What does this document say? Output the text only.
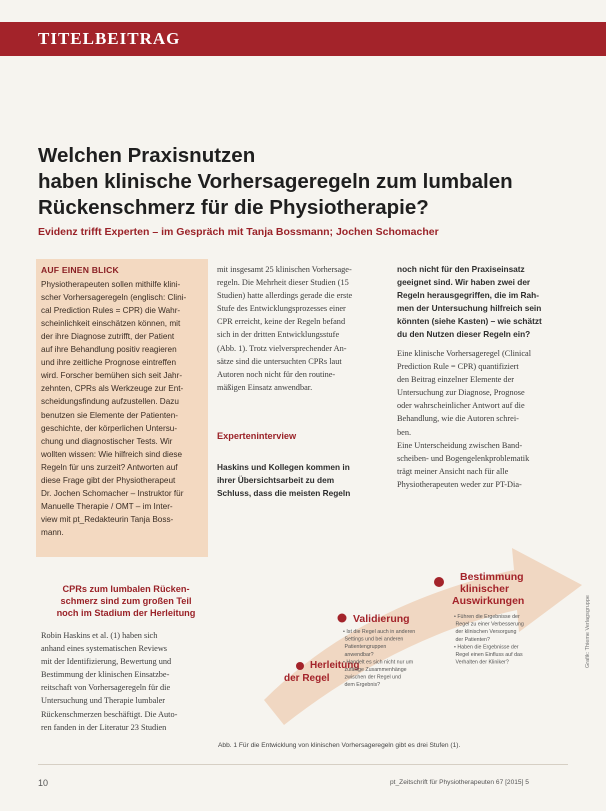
TITELBEITRAG
Welchen Praxisnutzen
haben klinische Vorhersageregeln zum lumbalen
Rückenschmerz für die Physiotherapie?
Evidenz trifft Experten – im Gespräch mit Tanja Bossmann; Jochen Schomacher
AUF EINEN BLICK
Physiotherapeuten sollen mithilfe klini-
scher Vorhersageregeln (englisch: Clini-
cal Prediction Rules = CPR) die Wahr-
scheinlichkeit einschätzen können, mit
der ihre Diagnose zutrifft, der Patient
auf ihre Behandlung positiv reagieren
und ihre zeitliche Prognose eintreffen
wird. Forscher bemühen sich seit Jahr-
zehnten, CPRs als Werkzeuge zur Ent-
scheidungsfindung aufzustellen. Dazu
benutzen sie Elemente der Patienten-
geschichte, der körperlichen Untersu-
chung und diagnostischer Tests. Wir
wollten wissen: Wie hilfreich sind diese
Regeln für uns zurzeit? Antworten auf
diese Frage gibt der Physiotherapeut
Dr. Jochen Schomacher – Instruktor für
Manuelle Therapie / OMT – im Inter-
view mit pt_Redakteurin Tanja Boss-
mann.
mit insgesamt 25 klinischen Vorhersage-
regeln. Die Mehrheit dieser Studien (15
Studien) hatte allerdings gerade die erste
Stufe des Entwicklungsprozesses einer
CPR erreicht, keine der Regeln befand
sich in der dritten Entwicklungsstufe
(Abb. 1). Trotz vielversprechender An-
sätze sind die untersuchten CPRs laut
Autoren noch nicht für den routine-
mäßigen Einsatz anwendbar.
Experteninterview
Haskins und Kollegen kommen in
ihrer Übersichtsarbeit zu dem
Schluss, dass die meisten Regeln
noch nicht für den Praxiseinsatz
geeignet sind. Wir haben zwei der
Regeln herausgegriffen, die im Rah-
men der Untersuchung hilfreich sein
könnten (siehe Kasten) – wie schätzt
du den Nutzen dieser Regeln ein?
Eine klinische Vorhersageregel (Clinical
Prediction Rule = CPR) quantifiziert
den Beitrag einzelner Elemente der
Untersuchung zur Diagnose, Prognose
oder wahrscheinlicher Antwort auf die
Behandlung, wie die Autoren schrei-
ben.
Eine Unterscheidung zwischen Band-
scheiben- und Bogengelenkproblematik
trägt meiner Ansicht nach für alle
Physiotherapeuten weder zur PT-Dia-
CPRs zum lumbalen Rücken-
schmerz sind zum großen Teil
noch im Stadium der Herleitung
Robin Haskins et al. (1) haben sich
anhand eines systematischen Reviews
mit der Identifizierung, Bewertung und
Bestimmung der klinischen Einsatzbe-
reitschaft von Vorhersageregeln für die
Untersuchung und Therapie lumbaler
Rückenschmerzen beschäftigt. Die Auto-
ren fanden in der Literatur 23 Studien
Herleitung der Regel
Validierung
• Ist die Regel auch in anderen Settings und bei anderen Patientengruppen anwendbar? • Handelt es sich nicht nur um zufällige Zusammenhänge zwischen der Regel und dem Ergebnis?
Bestimmung klinischer Auswirkungen
• Führen die Ergebnisse der Regel zu einer Verbesserung der klinischen Versorgung der Patienten? • Haben die Ergebnisse der Regel einen Einfluss auf das Verhalten der Kliniker?
Abb. 1 Für die Entwicklung von klinischen Vorhersageregeln gibt es drei Stufen (1).
Grafik: Thieme Verlagsgruppe
10	pt_Zeitschrift für Physiotherapeuten 67 [2015] 5
